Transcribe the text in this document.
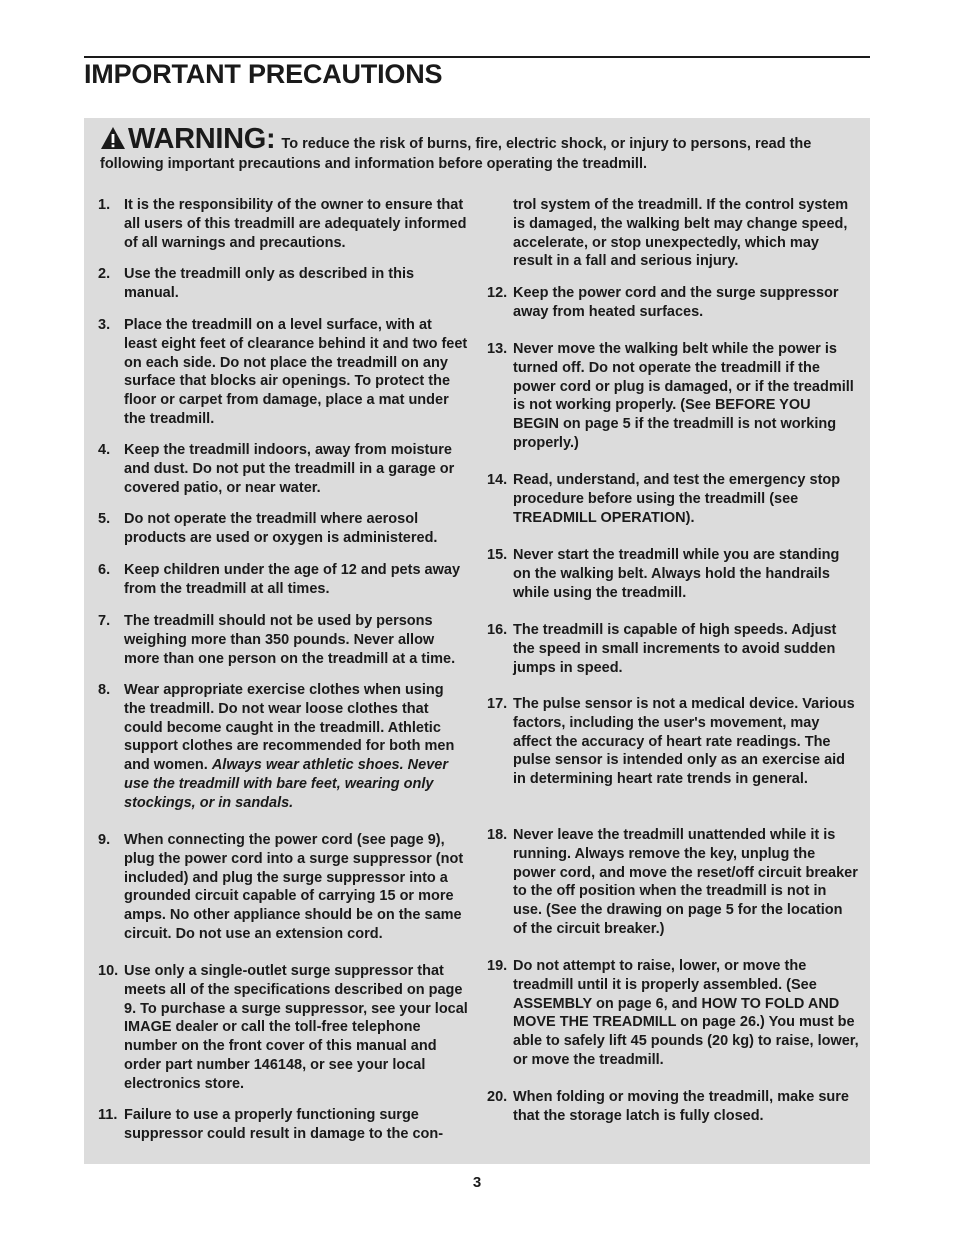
IMPORTANT PRECAUTIONS
WARNING: To reduce the risk of burns, fire, electric shock, or injury to persons, read the following important precautions and information before operating the treadmill.
1. It is the responsibility of the owner to ensure that all users of this treadmill are adequately informed of all warnings and precautions.
2. Use the treadmill only as described in this manual.
3. Place the treadmill on a level surface, with at least eight feet of clearance behind it and two feet on each side. Do not place the treadmill on any surface that blocks air openings. To protect the floor or carpet from damage, place a mat under the treadmill.
4. Keep the treadmill indoors, away from moisture and dust. Do not put the treadmill in a garage or covered patio, or near water.
5. Do not operate the treadmill where aerosol products are used or oxygen is administered.
6. Keep children under the age of 12 and pets away from the treadmill at all times.
7. The treadmill should not be used by persons weighing more than 350 pounds. Never allow more than one person on the treadmill at a time.
8. Wear appropriate exercise clothes when using the treadmill. Do not wear loose clothes that could become caught in the treadmill. Athletic support clothes are recommended for both men and women. Always wear athletic shoes. Never use the treadmill with bare feet, wearing only stockings, or in sandals.
9. When connecting the power cord (see page 9), plug the power cord into a surge suppressor (not included) and plug the surge suppressor into a grounded circuit capable of carrying 15 or more amps. No other appliance should be on the same circuit. Do not use an extension cord.
10. Use only a single-outlet surge suppressor that meets all of the specifications described on page 9. To purchase a surge suppressor, see your local IMAGE dealer or call the toll-free telephone number on the front cover of this manual and order part number 146148, or see your local electronics store.
11. Failure to use a properly functioning surge suppressor could result in damage to the con-
trol system of the treadmill. If the control system is damaged, the walking belt may change speed, accelerate, or stop unexpectedly, which may result in a fall and serious injury.
12. Keep the power cord and the surge suppressor away from heated surfaces.
13. Never move the walking belt while the power is turned off. Do not operate the treadmill if the power cord or plug is damaged, or if the treadmill is not working properly. (See BEFORE YOU BEGIN on page 5 if the treadmill is not working properly.)
14. Read, understand, and test the emergency stop procedure before using the treadmill (see TREADMILL OPERATION).
15. Never start the treadmill while you are standing on the walking belt. Always hold the handrails while using the treadmill.
16. The treadmill is capable of high speeds. Adjust the speed in small increments to avoid sudden jumps in speed.
17. The pulse sensor is not a medical device. Various factors, including the user's movement, may affect the accuracy of heart rate readings. The pulse sensor is intended only as an exercise aid in determining heart rate trends in general.
18. Never leave the treadmill unattended while it is running. Always remove the key, unplug the power cord, and move the reset/off circuit breaker to the off position when the treadmill is not in use. (See the drawing on page 5 for the location of the circuit breaker.)
19. Do not attempt to raise, lower, or move the treadmill until it is properly assembled. (See ASSEMBLY on page 6, and HOW TO FOLD AND MOVE THE TREADMILL on page 26.) You must be able to safely lift 45 pounds (20 kg) to raise, lower, or move the treadmill.
20. When folding or moving the treadmill, make sure that the storage latch is fully closed.
3
